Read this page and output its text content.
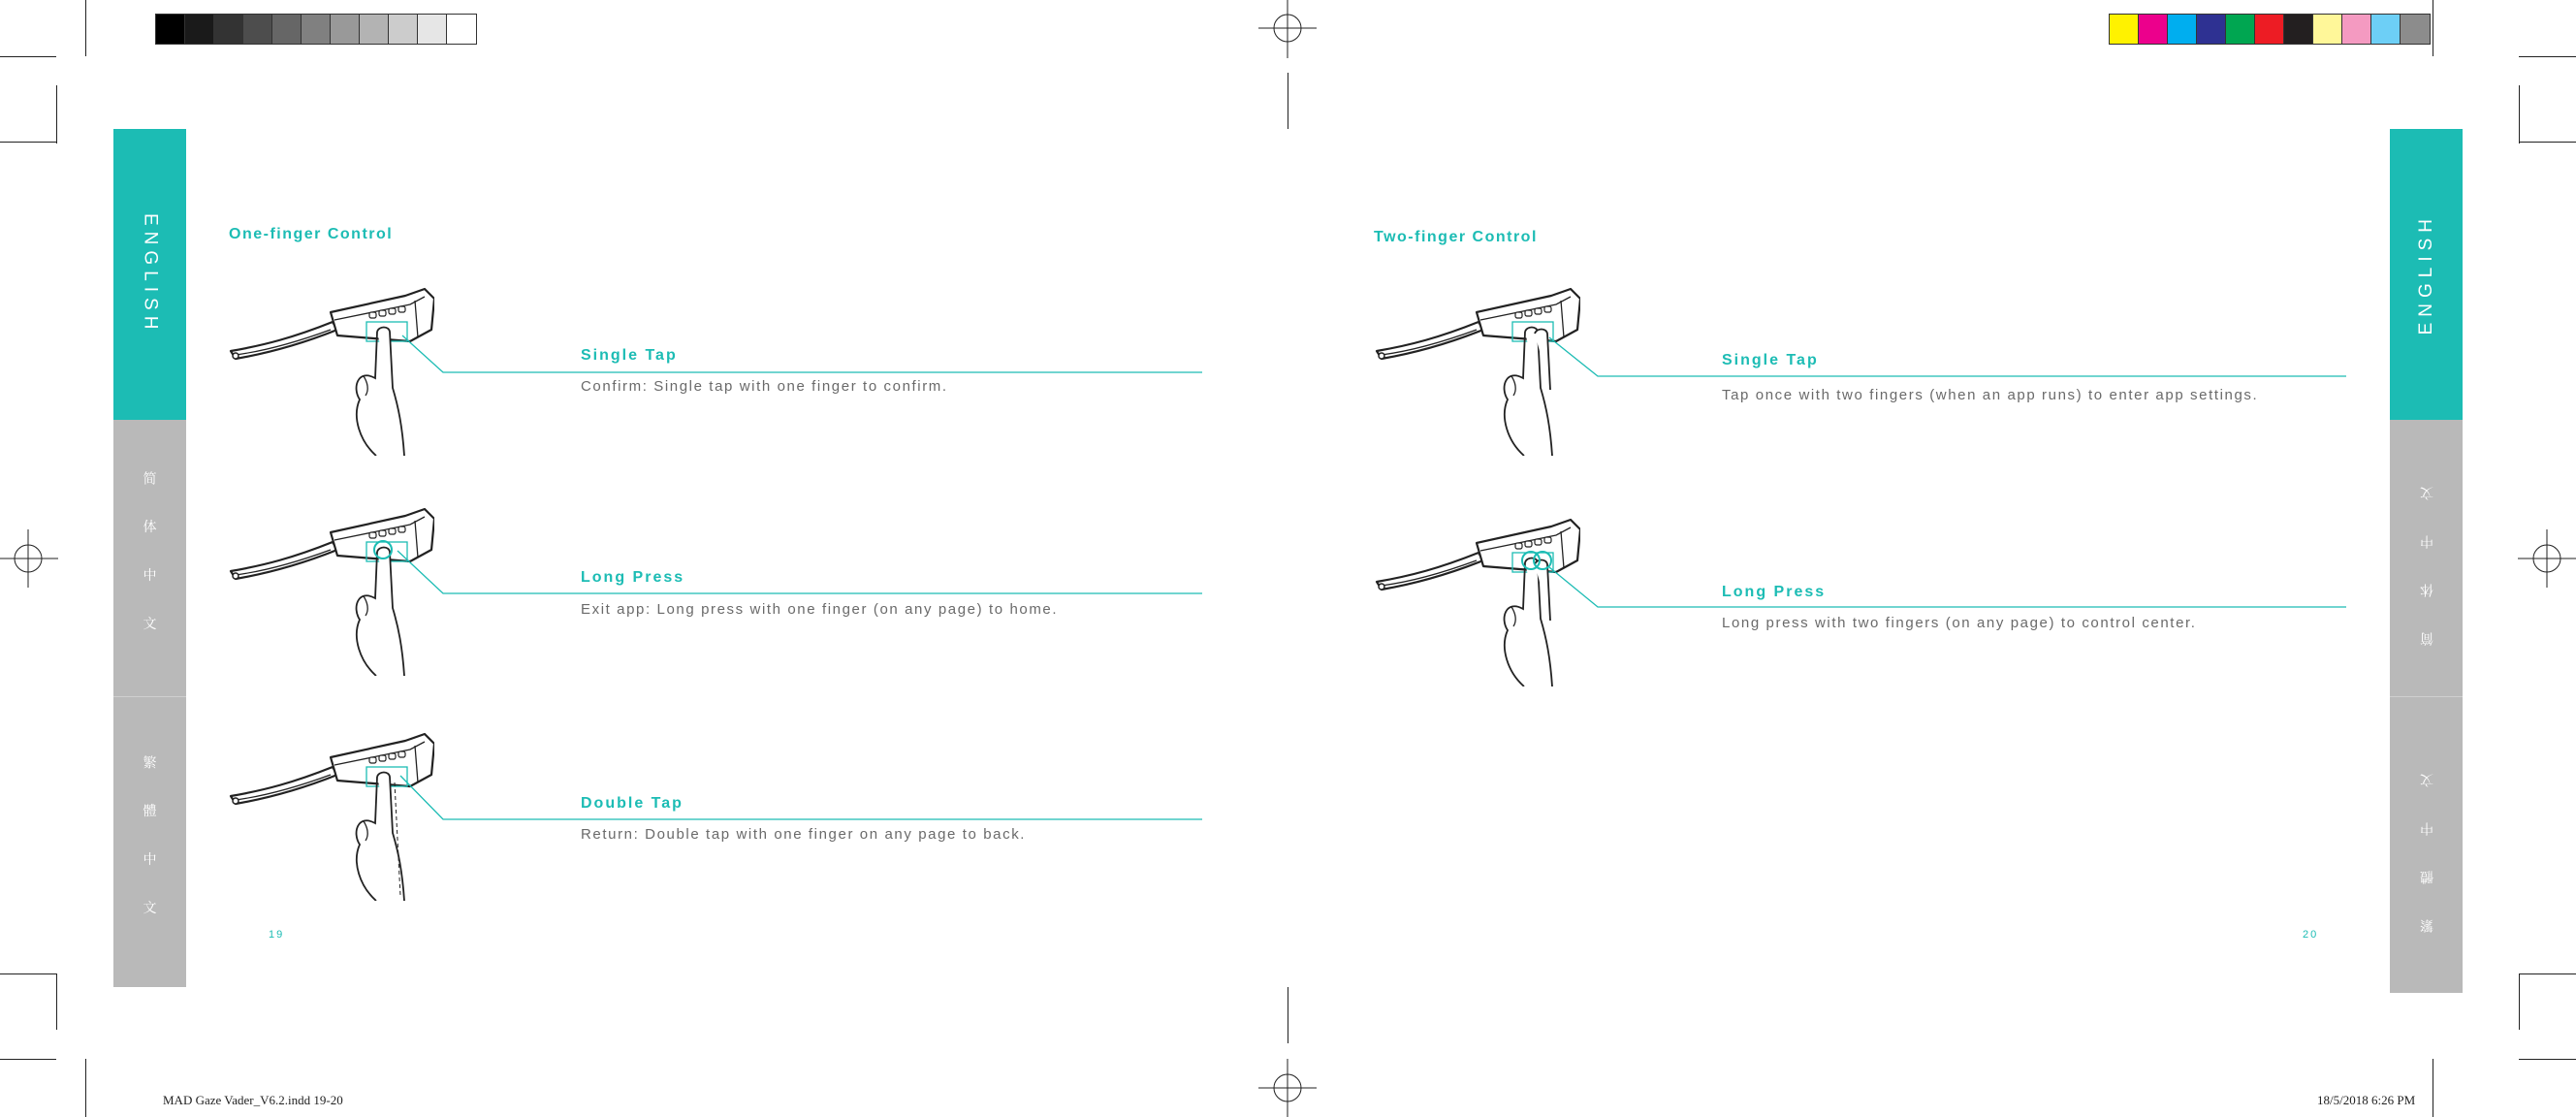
ENGLISH
简 体 中 文
繁 體 中 文
ENGLISH
简 体 中 文
繁 體 中 文
One-finger Control
Single Tap
Confirm: Single tap with one finger to confirm.
Long Press
Exit app: Long press with one finger (on any page) to home.
Double Tap
Return: Double tap with one finger on any page to back.
19
Two-finger Control
Single Tap
Tap once with two fingers (when an app runs) to enter app settings.
Long Press
Long press with two fingers (on any page) to control center.
20
MAD Gaze Vader_V6.2.indd 19-20	18/5/2018 6:26 PM
